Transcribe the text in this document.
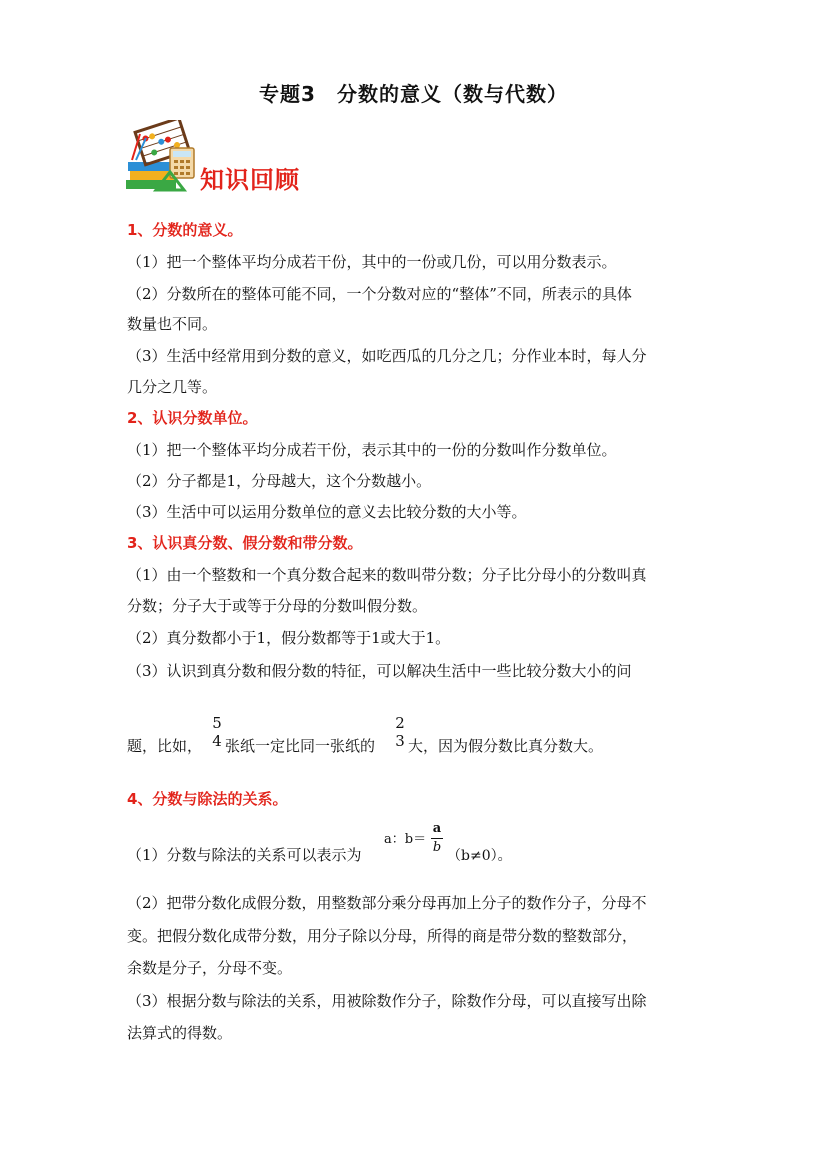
专题3　分数的意义（数与代数）
知识回顾
1、分数的意义。
（1）把一个整体平均分成若干份，其中的一份或几份，可以用分数表示。
（2）分数所在的整体可能不同，一个分数对应的“整体”不同，所表示的具体
数量也不同。
（3）生活中经常用到分数的意义，如吃西瓜的几分之几；分作业本时，每人分
几分之几等。
2、认识分数单位。
（1）把一个整体平均分成若干份，表示其中的一份的分数叫作分数单位。
（2）分子都是1，分母越大，这个分数越小。
（3）生活中可以运用分数单位的意义去比较分数的大小等。
3、认识真分数、假分数和带分数。
（1）由一个整数和一个真分数合起来的数叫带分数；分子比分母小的分数叫真
分数；分子大于或等于分母的分数叫假分数。
（2）真分数都小于1，假分数都等于1或大于1。
（3）认识到真分数和假分数的特征，可以解决生活中一些比较分数大小的问
题，比如，
5
4 张纸一定比同一张纸的
2
3 大，因为假分数比真分数大。
4、分数与除法的关系。
（1）分数与除法的关系可以表示为
a：b＝
a
b
（b≠0）。
（2）把带分数化成假分数，用整数部分乘分母再加上分子的数作分子，分母不
变。把假分数化成带分数，用分子除以分母，所得的商是带分数的整数部分，
余数是分子，分母不变。
（3）根据分数与除法的关系，用被除数作分子，除数作分母，可以直接写出除
法算式的得数。
